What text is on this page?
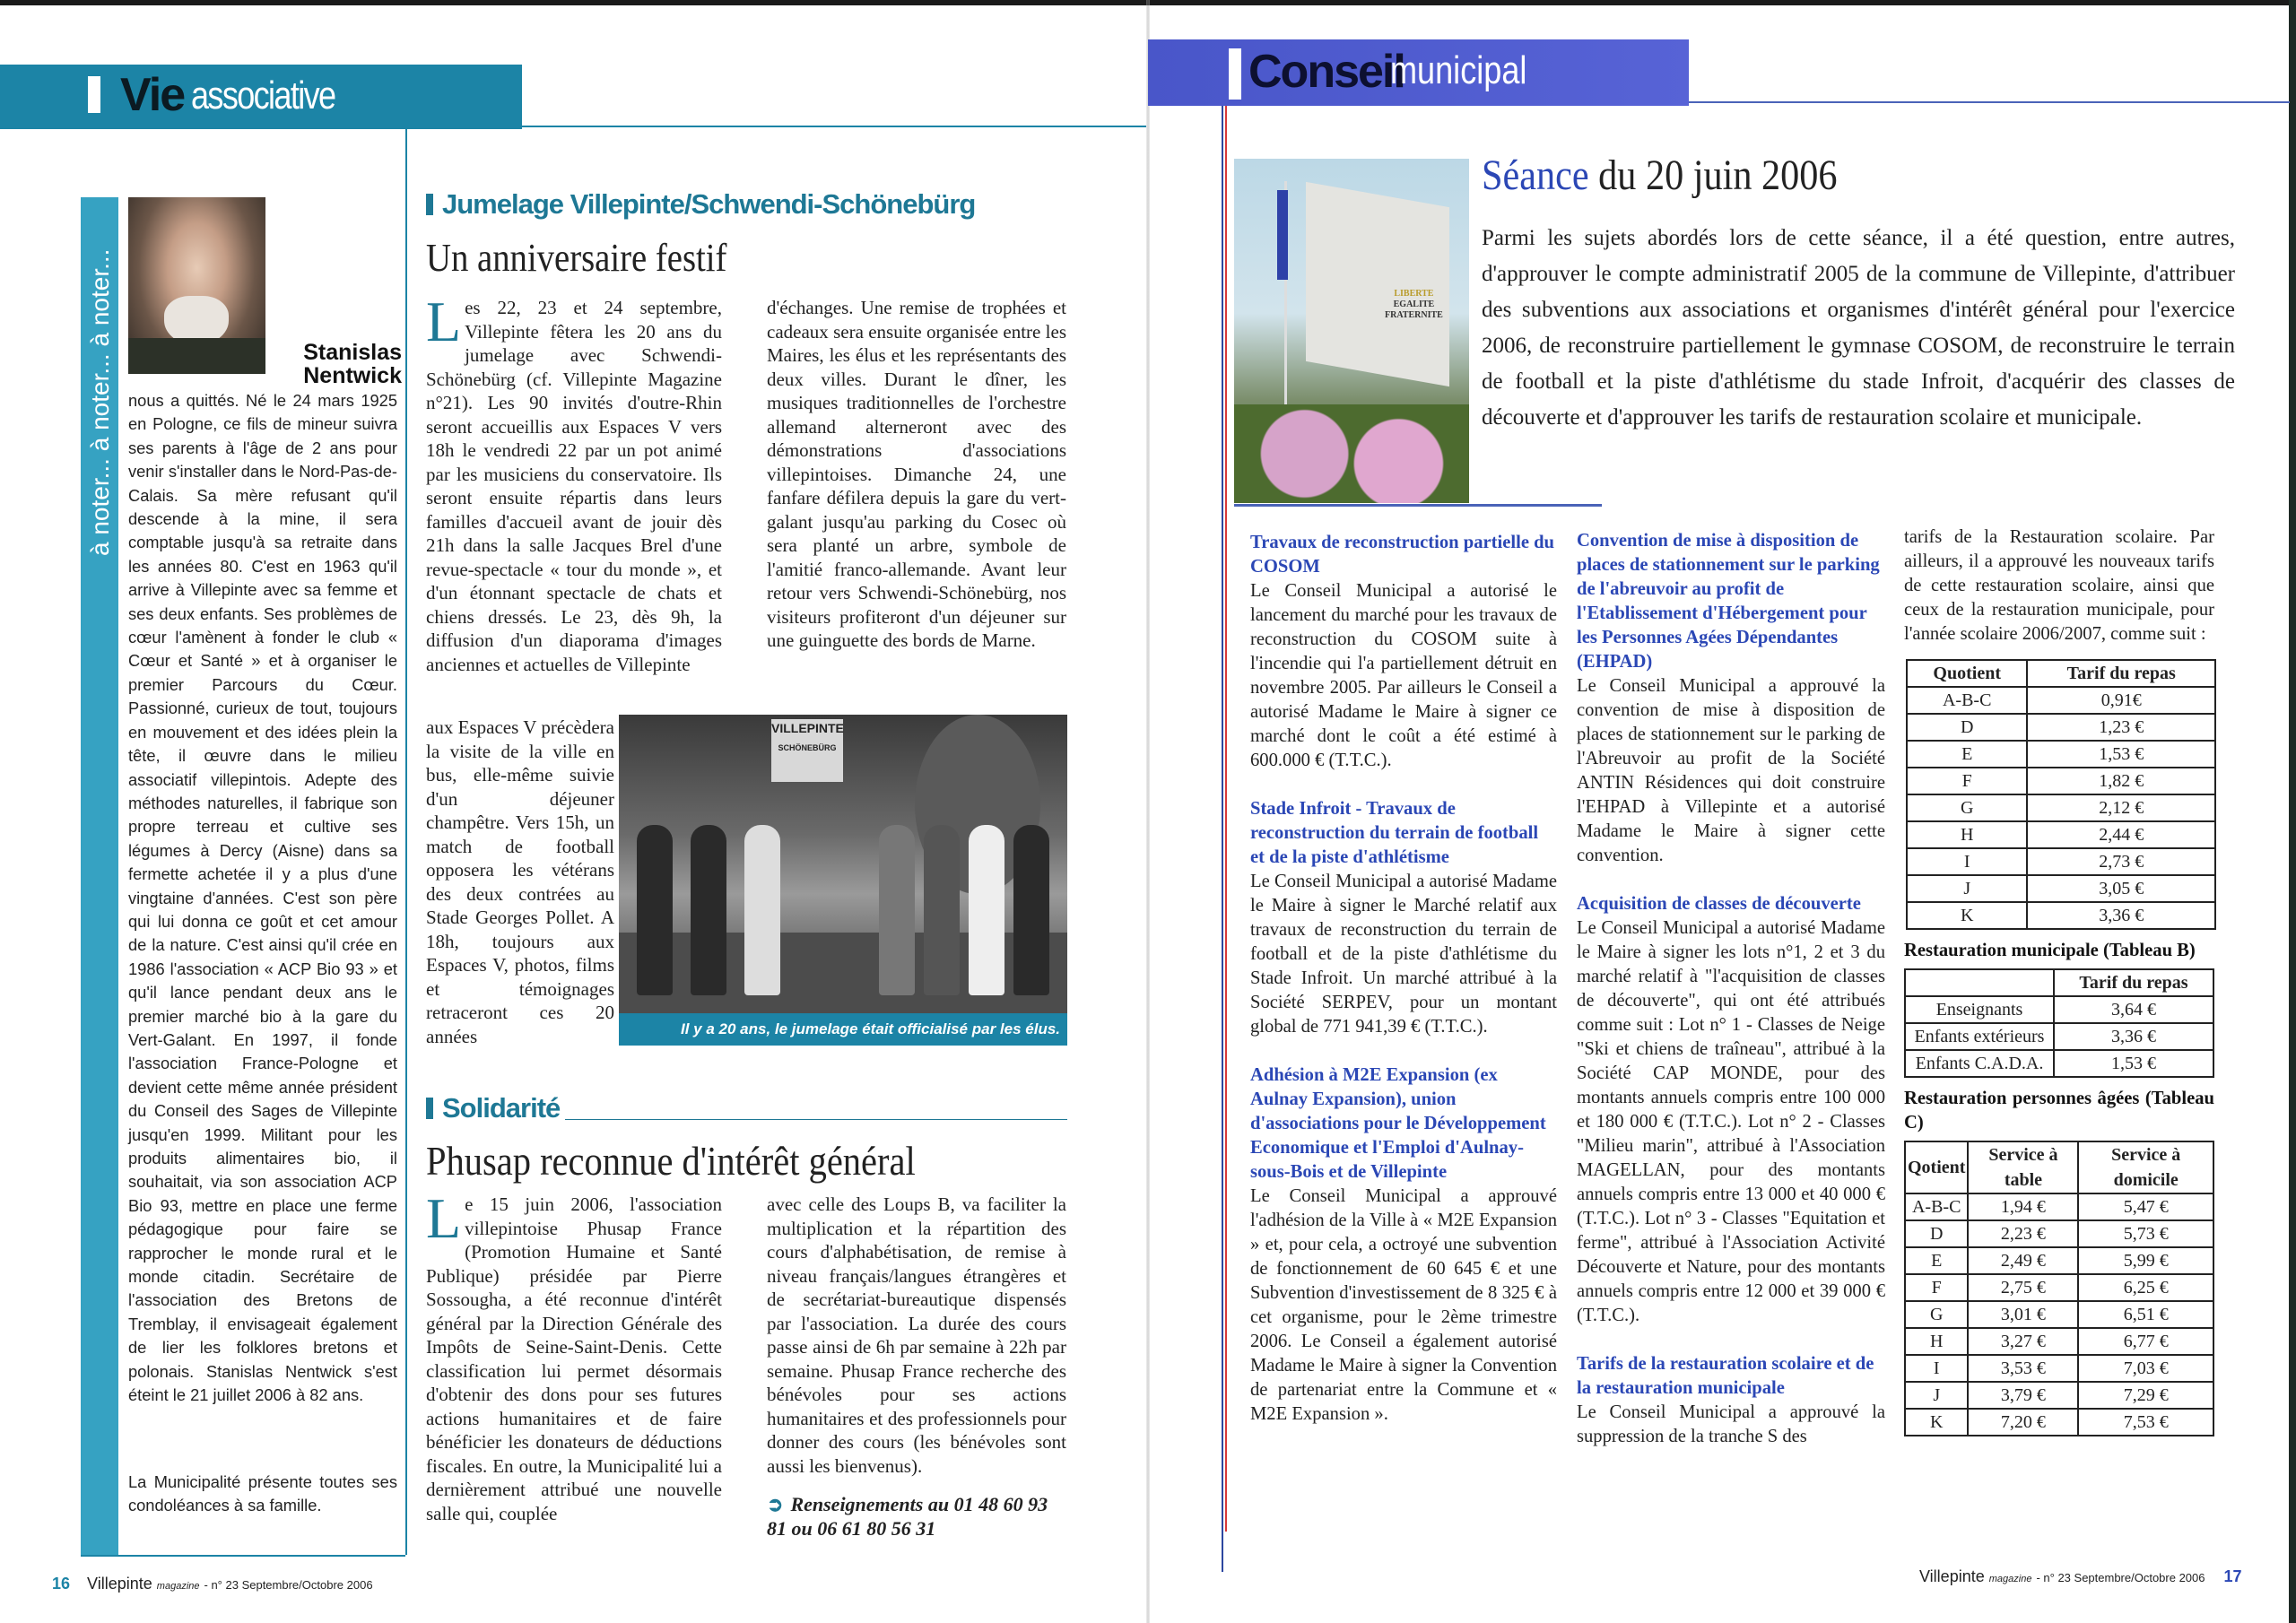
Vie associative
à noter... à noter... à noter...	Stanislas Nentwick
nous a quittés. Né le 24 mars 1925 en Pologne, ce fils de mineur suivra ses parents à l'âge de 2 ans pour venir s'installer dans le Nord-Pas-de-Calais. Sa mère refusant qu'il descende à la mine, il sera comptable jusqu'à sa retraite dans les années 80. C'est en 1963 qu'il arrive à Villepinte avec sa femme et ses deux enfants. Ses problèmes de cœur l'amènent à fonder le club « Cœur et Santé » et à organiser le premier Parcours du Cœur. Passionné, curieux de tout, toujours en mouvement et des idées plein la tête, il œuvre dans le milieu associatif villepintois. Adepte des méthodes naturelles, il fabrique son propre terreau et cultive ses légumes à Dercy (Aisne) dans sa fermette achetée il y a plus d'une vingtaine d'années. C'est son père qui lui donna ce goût et cet amour de la nature. C'est ainsi qu'il crée en 1986 l'association « ACP Bio 93 » et qu'il lance pendant deux ans le premier marché bio à la gare du Vert-Galant. En 1997, il fonde l'association France-Pologne et devient cette même année président du Conseil des Sages de Villepinte jusqu'en 1999. Militant pour les produits alimentaires bio, il souhaitait, via son association ACP Bio 93, mettre en place une ferme pédagogique pour faire se rapprocher le monde rural et le monde citadin. Secrétaire de l'association des Bretons de Tremblay, il envisageait également de lier les folklores bretons et polonais. Stanislas Nentwick s'est éteint le 21 juillet 2006 à 82 ans.
La Municipalité présente toutes ses condoléances à sa famille.
Jumelage Villepinte/Schwendi-Schönebürg
Un anniversaire festif
Les 22, 23 et 24 septembre, Villepinte fêtera les 20 ans du jumelage avec Schwendi-Schönebürg (cf. Villepinte Magazine n°21). Les 90 invités d'outre-Rhin seront accueillis aux Espaces V vers 18h le vendredi 22 par un pot animé par les musiciens du conservatoire. Ils seront ensuite répartis dans leurs familles d'accueil avant de jouir dès 21h dans la salle Jacques Brel d'une revue-spectacle « tour du monde », et d'un étonnant spectacle de chats et chiens dressés. Le 23, dès 9h, la diffusion d'un diaporama d'images anciennes et actuelles de Villepinte
d'échanges. Une remise de trophées et cadeaux sera ensuite organisée entre les Maires, les élus et les représentants des deux villes. Durant le dîner, les musiques traditionnelles de l'orchestre allemand alterneront avec des démonstrations d'associations villepintoises. Dimanche 24, une fanfare défilera depuis la gare du vert-galant jusqu'au parking du Cosec où sera planté un arbre, symbole de l'amitié franco-allemande. Avant leur retour vers Schwendi-Schönebürg, nos visiteurs profiteront d'un déjeuner sur une guinguette des bords de Marne.
aux Espaces V précèdera la visite de la ville en bus, elle-même suivie d'un déjeuner champêtre. Vers 15h, un match de football opposera les vétérans des deux contrées au Stade Georges Pollet. A 18h, toujours aux Espaces V, photos, films et témoignages retraceront ces 20 années
VILLEPINTE
SCHÖNEBÜRG
Il y a 20 ans, le jumelage était officialisé par les élus.
Solidarité
Phusap reconnue d'intérêt général
Le 15 juin 2006, l'association villepintoise Phusap France (Promotion Humaine et Santé Publique) présidée par Pierre Sossougha, a été reconnue d'intérêt général par la Direction Générale des Impôts de Seine-Saint-Denis. Cette classification lui permet désormais d'obtenir des dons pour ses futures actions humanitaires et de faire bénéficier les donateurs de déductions fiscales. En outre, la Municipalité lui a dernièrement attribué une nouvelle salle qui, couplée
avec celle des Loups B, va faciliter la multiplication et la répartition des cours d'alphabétisation, de remise à niveau français/langues étrangères et de secrétariat-bureautique dispensés par l'association. La durée des cours passe ainsi de 6h par semaine à 22h par semaine. Phusap France recherche des bénévoles pour ses actions humanitaires et des professionnels pour donner des cours (les bénévoles sont aussi les bienvenus).
➲ Renseignements au 01 48 60 93 81 ou 06 61 80 56 31
16 Villepinte magazine - n° 23 Septembre/Octobre 2006
Conseil
municipal
LIBERTE
EGALITE
FRATERNITE
Séance du 20 juin 2006
Parmi les sujets abordés lors de cette séance, il a été question, entre autres, d'approuver le compte administratif 2005 de la commune de Villepinte, d'attribuer des subventions aux associations et organismes d'intérêt général pour l'exercice 2006, de reconstruire partiellement le gymnase COSOM, de reconstruire le terrain de football et la piste d'athlétisme du stade Infroit, d'acquérir des classes de découverte et d'approuver les tarifs de restauration scolaire et municipale.
Travaux de reconstruction partielle du COSOM

Le Conseil Municipal a autorisé le lancement du marché pour les travaux de reconstruction du COSOM suite à l'incendie qui l'a partiellement détruit en novembre 2005. Par ailleurs le Conseil a autorisé Madame le Maire à signer ce marché dont le coût a été estimé à 600.000 € (T.T.C.).

Stade Infroit - Travaux de reconstruction du terrain de football et de la piste d'athlétisme

Le Conseil Municipal a autorisé Madame le Maire à signer le Marché relatif aux travaux de reconstruction du terrain de football et de la piste d'athlétisme du Stade Infroit. Un marché attribué à la Société SERPEV, pour un montant global de 771 941,39 € (T.T.C.).

Adhésion à M2E Expansion (ex Aulnay Expansion), union d'associations pour le Développement Economique et l'Emploi d'Aulnay-sous-Bois et de Villepinte

Le Conseil Municipal a approuvé l'adhésion de la Ville à « M2E Expansion » et, pour cela, a octroyé une subvention de fonctionnement de 60 645 € et une Subvention d'investissement de 8 325 € à cet organisme, pour le 2ème trimestre 2006. Le Conseil a également autorisé Madame le Maire à signer la Convention de partenariat entre la Commune et « M2E Expansion ».

Convention de mise à disposition de places de stationnement sur le parking de l'abreuvoir au profit de l'Etablissement d'Hébergement pour les Personnes Agées Dépendantes (EHPAD)

Le Conseil Municipal a approuvé la convention de mise à disposition de places de stationnement sur le parking de l'Abreuvoir au profit de la Société ANTIN Résidences qui doit construire l'EHPAD à Villepinte et a autorisé Madame le Maire à signer cette convention.

Acquisition de classes de découverte

Le Conseil Municipal a autorisé Madame le Maire à signer les lots n°1, 2 et 3 du marché relatif à "l'acquisition de classes de découverte", qui ont été attribués comme suit : Lot n° 1 - Classes de Neige "Ski et chiens de traîneau", attribué à la Société CAP MONDE, pour des montants annuels compris entre 100 000 et 180 000 € (T.T.C.). Lot n° 2 - Classes "Milieu marin", attribué à l'Association MAGELLAN, pour des montants annuels compris entre 13 000 et 40 000 € (T.T.C.). Lot n° 3 - Classes "Equitation et ferme", attribué à l'Association Activité Découverte et Nature, pour des montants annuels compris entre 12 000 et 39 000 € (T.T.C.).

Tarifs de la restauration scolaire et de la restauration municipale

Le Conseil Municipal a approuvé la suppression de la tranche S des

tarifs de la Restauration scolaire. Par ailleurs, il a approuvé les nouveaux tarifs de cette restauration scolaire, ainsi que ceux de la restauration municipale, pour l'année scolaire 2006/2007, comme suit :

Quotient	Tarif du repas
A-B-C	0,91€
D	1,23 €
E	1,53 €
F	1,82 €
G	2,12 €
H	2,44 €
I	2,73 €
J	3,05 €
K	3,36 €
Restauration municipale (Tableau B)
	Tarif du repas
Enseignants	3,64 €
Enfants extérieurs	3,36 €
Enfants C.A.D.A.	1,53 €
Restauration personnes âgées (Tableau C)
Qotient	Service à table	Service à domicile
A-B-C	1,94 €	5,47 €
D	2,23 €	5,73 €
E	2,49 €	5,99 €
F	2,75 €	6,25 €
G	3,01 €	6,51 €
H	3,27 €	6,77 €
I	3,53 €	7,03 €
J	3,79 €	7,29 €
K	7,20 €	7,53 €
Villepinte magazine - n° 23 Septembre/Octobre 2006 17
